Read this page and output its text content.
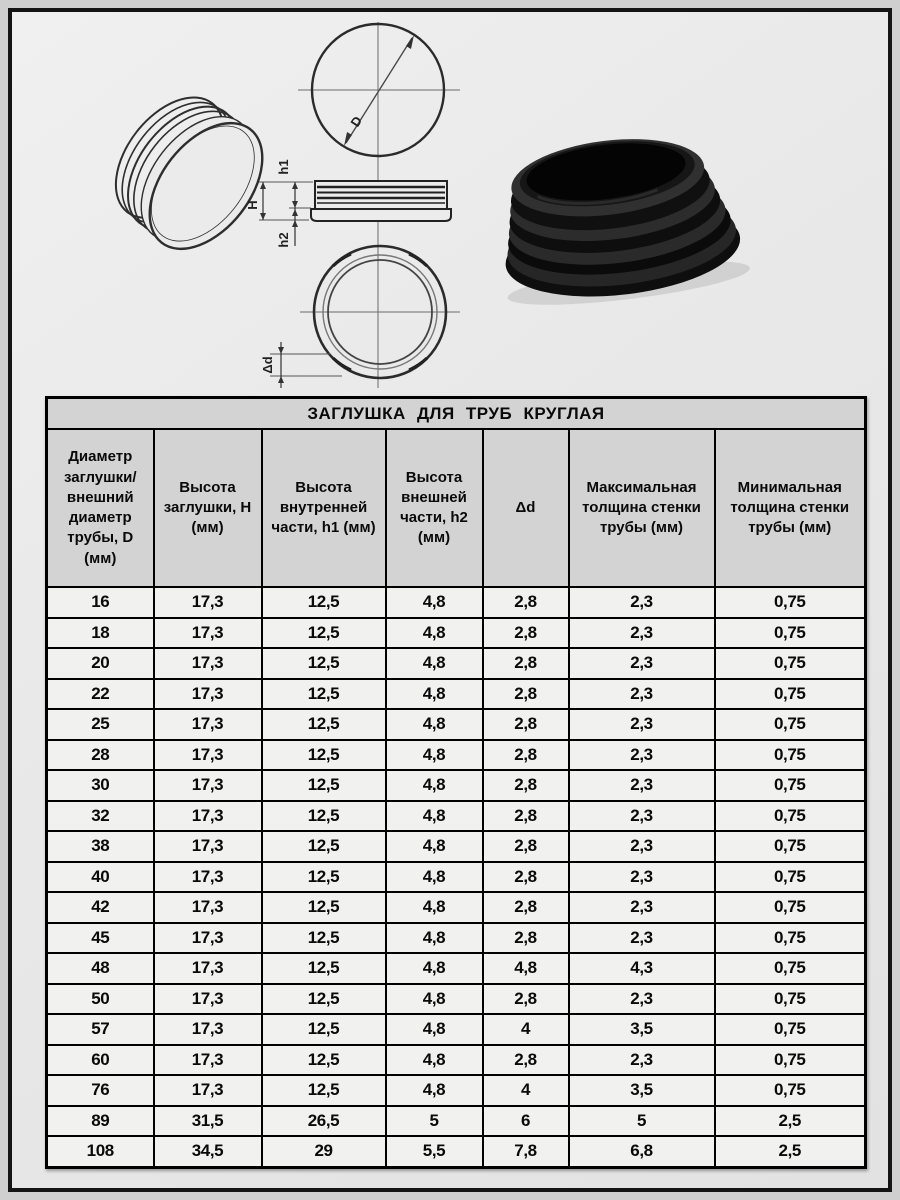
D
H
h1
h2
Δd
ЗАГЛУШКА ДЛЯ ТРУБ КРУГЛАЯ						
Диаметр заглушки/ внешний диаметр трубы, D (мм)	Высота заглушки, H (мм)	Высота внутренней части, h1 (мм)	Высота внешней части, h2 (мм)	Δd	Максимальная толщина стенки трубы (мм)	Минимальная толщина стенки трубы (мм)
16	17,3	12,5	4,8	2,8	2,3	0,75
18	17,3	12,5	4,8	2,8	2,3	0,75
20	17,3	12,5	4,8	2,8	2,3	0,75
22	17,3	12,5	4,8	2,8	2,3	0,75
25	17,3	12,5	4,8	2,8	2,3	0,75
28	17,3	12,5	4,8	2,8	2,3	0,75
30	17,3	12,5	4,8	2,8	2,3	0,75
32	17,3	12,5	4,8	2,8	2,3	0,75
38	17,3	12,5	4,8	2,8	2,3	0,75
40	17,3	12,5	4,8	2,8	2,3	0,75
42	17,3	12,5	4,8	2,8	2,3	0,75
45	17,3	12,5	4,8	2,8	2,3	0,75
48	17,3	12,5	4,8	4,8	4,3	0,75
50	17,3	12,5	4,8	2,8	2,3	0,75
57	17,3	12,5	4,8	4	3,5	0,75
60	17,3	12,5	4,8	2,8	2,3	0,75
76	17,3	12,5	4,8	4	3,5	0,75
89	31,5	26,5	5	6	5	2,5
108	34,5	29	5,5	7,8	6,8	2,5
